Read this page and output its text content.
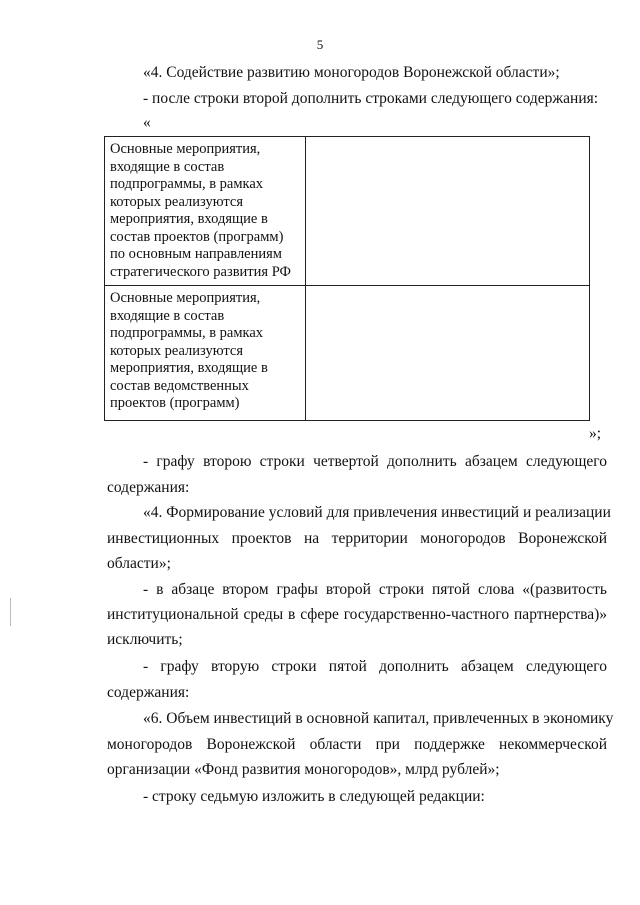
5
«4. Содействие развитию моногородов Воронежской области»;
- после строки второй дополнить строками следующего содержания:
«
Основные мероприятия,
входящие в состав
подпрограммы, в рамках
которых реализуются
мероприятия, входящие в
состав проектов (программ)
по основным направлениям
стратегического развития РФ
Основные мероприятия,
входящие в состав
подпрограммы, в рамках
которых реализуются
мероприятия, входящие в
состав ведомственных
проектов (программ)
»;
- графу второю строки четвертой дополнить абзацем следующего
содержания:
«4. Формирование условий для привлечения инвестиций и реализации
инвестиционных проектов на территории моногородов Воронежской
области»;
- в абзаце втором графы второй строки пятой слова «(развитость
институциональной среды в сфере государственно-частного партнерства)»
исключить;
- графу вторую строки пятой дополнить абзацем следующего
содержания:
«6. Объем инвестиций в основной капитал, привлеченных в экономику
моногородов Воронежской области при поддержке некоммерческой
организации «Фонд развития моногородов», млрд рублей»;
- строку седьмую изложить в следующей редакции:
